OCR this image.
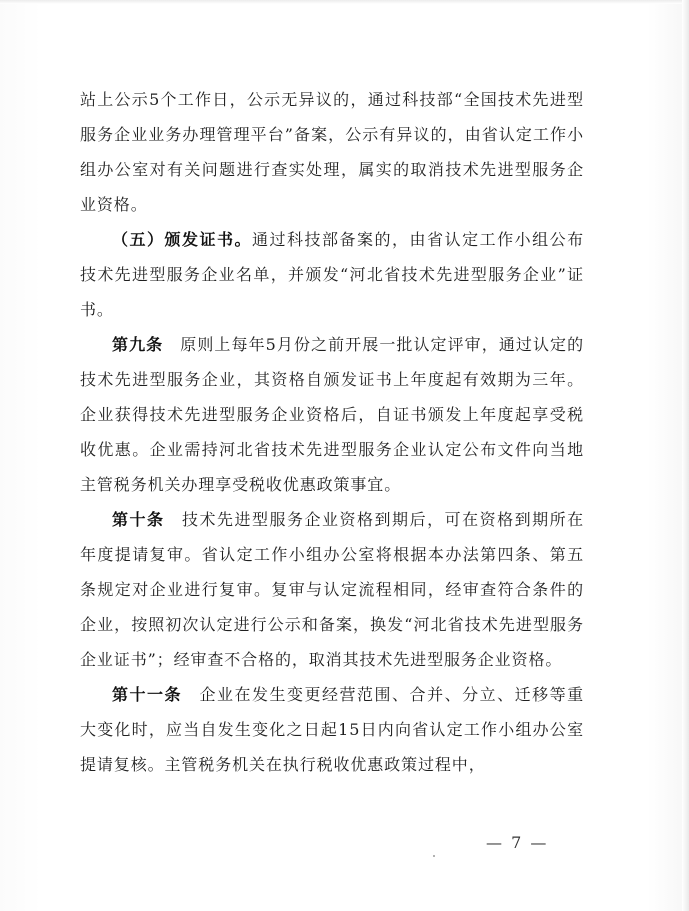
站上公示5个工作日，公示无异议的，通过科技部“全国技术先进型服务企业业务办理管理平台”备案，公示有异议的，由省认定工作小组办公室对有关问题进行查实处理，属实的取消技术先进型服务企业资格。

（五）颁发证书。通过科技部备案的，由省认定工作小组公布技术先进型服务企业名单，并颁发“河北省技术先进型服务企业”证书。

第九条　原则上每年5月份之前开展一批认定评审，通过认定的技术先进型服务企业，其资格自颁发证书上年度起有效期为三年。企业获得技术先进型服务企业资格后，自证书颁发上年度起享受税收优惠。企业需持河北省技术先进型服务企业认定公布文件向当地主管税务机关办理享受税收优惠政策事宜。

第十条　技术先进型服务企业资格到期后，可在资格到期所在年度提请复审。省认定工作小组办公室将根据本办法第四条、第五条规定对企业进行复审。复审与认定流程相同，经审查符合条件的企业，按照初次认定进行公示和备案，换发“河北省技术先进型服务企业证书”；经审查不合格的，取消其技术先进型服务企业资格。

第十一条　企业在发生变更经营范围、合并、分立、迁移等重大变化时，应当自发生变化之日起15日内向省认定工作小组办公室提请复核。主管税务机关在执行税收优惠政策过程中，

— 7 —
